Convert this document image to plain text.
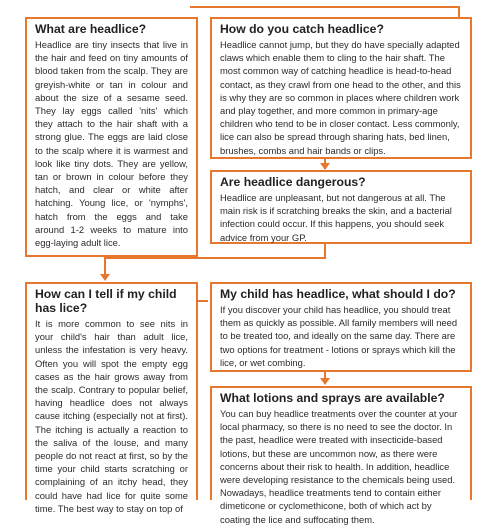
What are headlice?

Headlice are tiny insects that live in the hair and feed on tiny amounts of blood taken from the scalp. They are greyish-white or tan in colour and about the size of a sesame seed. They lay eggs called 'nits' which they attach to the hair shaft with a strong glue. The eggs are laid close to the scalp where it is warmest and look like tiny dots. They are yellow, tan or brown in colour before they hatch, and clear or white after hatching. Young lice, or 'nymphs', hatch from the eggs and take around 1-2 weeks to mature into egg-laying adult lice.

How do you catch headlice?

Headlice cannot jump, but they do have specially adapted claws which enable them to cling to the hair shaft. The most common way of catching headlice is head-to-head contact, as they crawl from one head to the other, and this is why they are so common in places where children work and play together, and more common in primary-age children who tend to be in closer contact. Less commonly, lice can also be spread through sharing hats, bed linen, brushes, combs and hair bands or clips.

Are headlice dangerous?

Headlice are unpleasant, but not dangerous at all. The main risk is if scratching breaks the skin, and a bacterial infection could occur. If this happens, you should seek advice from your GP.

How can I tell if my child has lice?

It is more common to see nits in your child's hair than adult lice, unless the infestation is very heavy. Often you will spot the empty egg cases as the hair grows away from the scalp. Contrary to popular belief, having headlice does not always cause itching (especially not at first). The itching is actually a reaction to the saliva of the louse, and many people do not react at first, so by the time your child starts scratching or complaining of an itchy head, they could have had lice for quite some time. The best way to stay on top of

My child has headlice, what should I do?

If you discover your child has headlice, you should treat them as quickly as possible. All family members will need to be treated too, and ideally on the same day. There are two options for treatment - lotions or sprays which kill the lice, or wet combing.

What lotions and sprays are available?

You can buy headlice treatments over the counter at your local pharmacy, so there is no need to see the doctor. In the past, headlice were treated with insecticide-based lotions, but these are uncommon now, as there were concerns about their risk to health. In addition, headlice were developing resistance to the chemicals being used. Nowadays, headlice treatments tend to contain either dimeticone or cyclomethicone, both of which act by coating the lice and suffocating them.
